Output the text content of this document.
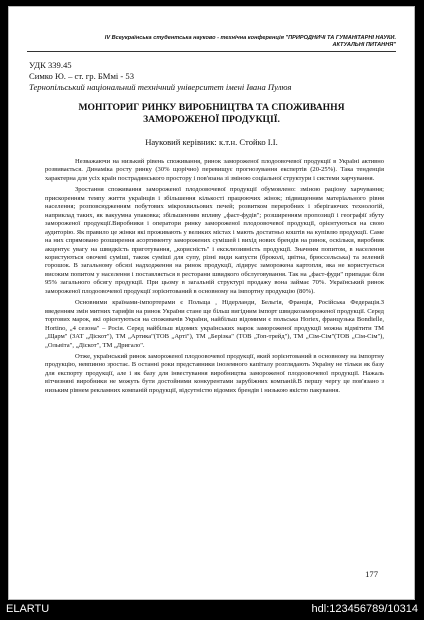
IV Всеукраїнська студентська науково - технічна конференція "ПРИРОДНИЧІ ТА ГУМАНІТАРНІ НАУКИ.
АКТУАЛЬНІ ПИТАННЯ"
УДК 339.45
Симко Ю. – ст. гр. БМмі - 53
Тернопільський національний технічний університет імені Івана Пулюя
МОНІТОРИГ РИНКУ ВИРОБНИЦТВА ТА СПОЖИВАННЯ
ЗАМОРОЖЕНОЇ ПРОДУКЦІЇ.
Науковий керівник: к.т.н. Стойко І.І.

Незважаючи на низький рівень споживання, ринок замороженої плодоовочевої продукції в Україні активно розвивається. Динаміка росту ринку (30% щорічно) перевищує прогнозування експертів (20-25%). Така тенденція характерна для усіх країн пострадянського простору і пов'язана зі зміною соціальної структури і системи харчування.

Зростання споживання замороженої плодоовочевої продукції обумовлено: зміною раціону харчування; прискоренням темпу життя українців і збільшення кількості працюючих жінок; підвищенням матеріального рівня населення; розповсюдженням побутових мікрохвильових печей; розвитком переробних і зберігаючих технологій, наприклад таких, як вакуумна упаковка; збільшенням впливу „фаст-фудів"; розширенням пропозиції і географії збуту замороженої продукції.Виробники і оператори ринку замороженої плодоовочевої продукції, орієнтуються на свою аудиторію. Як правило це жінки які проживають у великих містах і мають достатньо коштів на купівлю продукції. Саме на них спрямовано розширення асортименту заморожених сумішей і вихід нових брендів на ринок, оскільки, виробник акцентує увагу на швидкість приготування, „корисність" і ексклюзивність продукції. Значним попитом, в населення користуються овочеві суміші, також суміші для супу, різні види капусти (броколі, цвітна, брюссельська) та зелений горошок. В загальному обсязі надходження на ринок продукції, лідирує заморожена картопля, яка не користується високим попитом у населення і поставляється в ресторани швидкого обслуговування. Так на „фаст-фуди" припадає біля 95% загального обсягу продукції. При цьому в загальній структурі продажу вона займає 70%. Український ринок замороженої плодоовочевої продукції зорієнтований в основному на імпортну продукцію (80%).

Основними країнами-імпортерами є Польща , Нідерланди, Бельгія, Франція, Російська Федерація.З введенням змін митних тарифів на ринок України стане ще більш вигідним імпорт швидкозамороженої продукції. Серед торгових марок, які орієнтуються на споживачів України, найбільш відомими є польська Horiex, французька Bondielle, Hortino, „4 сезона" – Росія. Серед найбільш відомих українських марок замороженої продукції можна відмітити ТМ „Щарм" (ЗАТ „Діскот"), ТМ „Артика"(ТОВ „Арті"), ТМ „Берізка" (ТОВ „Топ-трейд"), ТМ „Сім-Сім"(ТОВ „Сім-Сім"), „Ольвіта", „Діскот", ТМ „Дригало".

Отже, український ринок замороженої плодоовочевої продукції, який зорієнтований в основному на імпортну продукцію, невпинно зростає. В останні роки представники іноземного капіталу розглядають Україну не тільки як базу для експорту продукції, але і як базу для інвестування виробництва замороженої плодоовочевої продукції. Нажаль вітчизняні виробники не можуть бути достойними конкурентами зарубіжних компаній.В першу чергу це пов'язано з низьким рівнем рекламних компаній продукції, відсутністю відомих брендів і низькою якістю пакування.

177
ELARTU	hdl:123456789/10314
